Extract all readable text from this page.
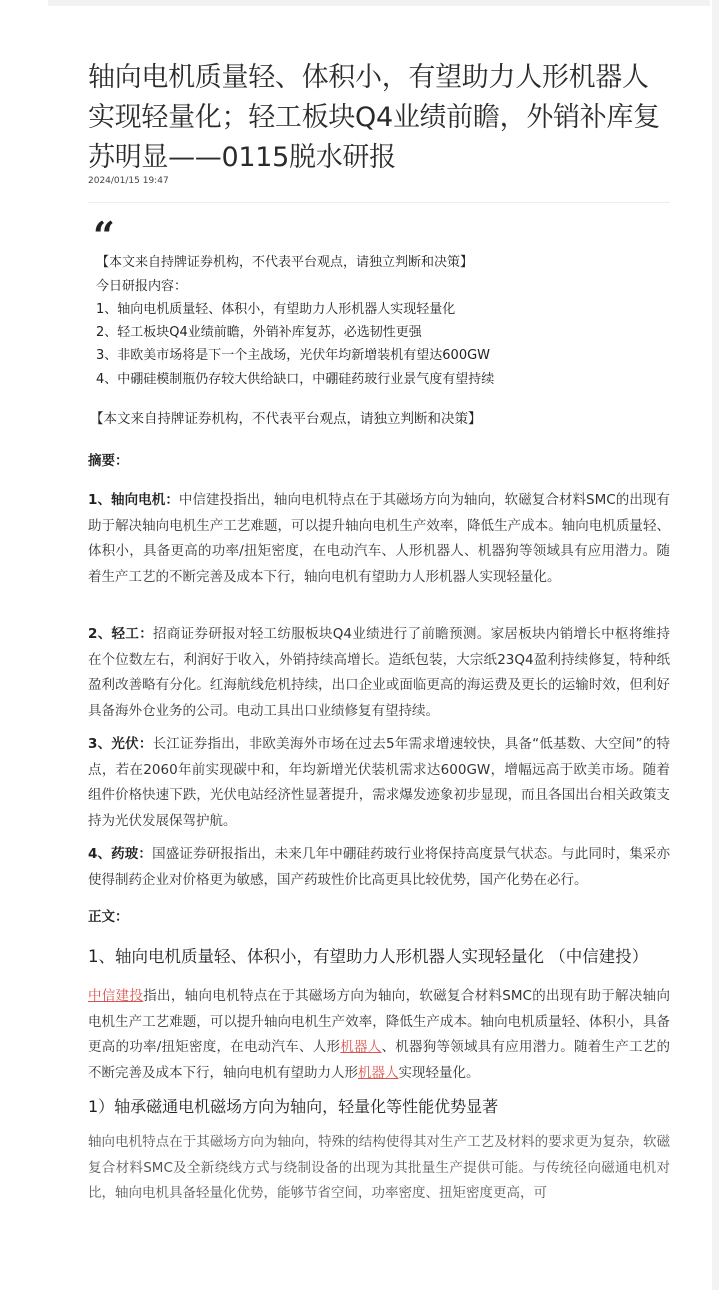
轴向电机质量轻、体积小，有望助力人形机器人实现轻量化；轻工板块Q4业绩前瞻，外销补库复苏明显——0115脱水研报
2024/01/15 19:47
“
【本文来自持牌证券机构，不代表平台观点，请独立判断和决策】
今日研报内容：
1、轴向电机质量轻、体积小，有望助力人形机器人实现轻量化
2、轻工板块Q4业绩前瞻，外销补库复苏，必选韧性更强
3、非欧美市场将是下一个主战场，光伏年均新增装机有望达600GW
4、中硼硅模制瓶仍存较大供给缺口，中硼硅药玻行业景气度有望持续
【本文来自持牌证券机构，不代表平台观点，请独立判断和决策】
摘要：
1、轴向电机：中信建投指出，轴向电机特点在于其磁场方向为轴向，软磁复合材料SMC的出现有助于解决轴向电机生产工艺难题，可以提升轴向电机生产效率，降低生产成本。轴向电机质量轻、体积小，具备更高的功率/扭矩密度，在电动汽车、人形机器人、机器狗等领域具有应用潜力。随着生产工艺的不断完善及成本下行，轴向电机有望助力人形机器人实现轻量化。
2、轻工：招商证券研报对轻工纺服板块Q4业绩进行了前瞻预测。家居板块内销增长中枢将维持在个位数左右，利润好于收入，外销持续高增长。造纸包装，大宗纸23Q4盈利持续修复，特种纸盈利改善略有分化。红海航线危机持续，出口企业或面临更高的海运费及更长的运输时效，但利好具备海外仓业务的公司。电动工具出口业绩修复有望持续。
3、光伏：长江证券指出，非欧美海外市场在过去5年需求增速较快，具备“低基数、大空间”的特点，若在2060年前实现碳中和，年均新增光伏装机需求达600GW，增幅远高于欧美市场。随着组件价格快速下跌，光伏电站经济性显著提升，需求爆发迹象初步显现，而且各国出台相关政策支持为光伏发展保驾护航。
4、药玻：国盛证券研报指出，未来几年中硼硅药玻行业将保持高度景气状态。与此同时，集采亦使得制药企业对价格更为敏感，国产药玻性价比高更具比较优势，国产化势在必行。
正文：
1、轴向电机质量轻、体积小，有望助力人形机器人实现轻量化 （中信建投）
中信建投指出，轴向电机特点在于其磁场方向为轴向，软磁复合材料SMC的出现有助于解决轴向电机生产工艺难题，可以提升轴向电机生产效率，降低生产成本。轴向电机质量轻、体积小，具备更高的功率/扭矩密度，在电动汽车、人形机器人、机器狗等领域具有应用潜力。随着生产工艺的不断完善及成本下行，轴向电机有望助力人形机器人实现轻量化。
1）轴承磁通电机磁场方向为轴向，轻量化等性能优势显著
轴向电机特点在于其磁场方向为轴向，特殊的结构使得其对生产工艺及材料的要求更为复杂，软磁复合材料SMC及全新绕线方式与绕制设备的出现为其批量生产提供可能。与传统径向磁通电机对比，轴向电机具备轻量化优势，能够节省空间，功率密度、扭矩密度更高，可
